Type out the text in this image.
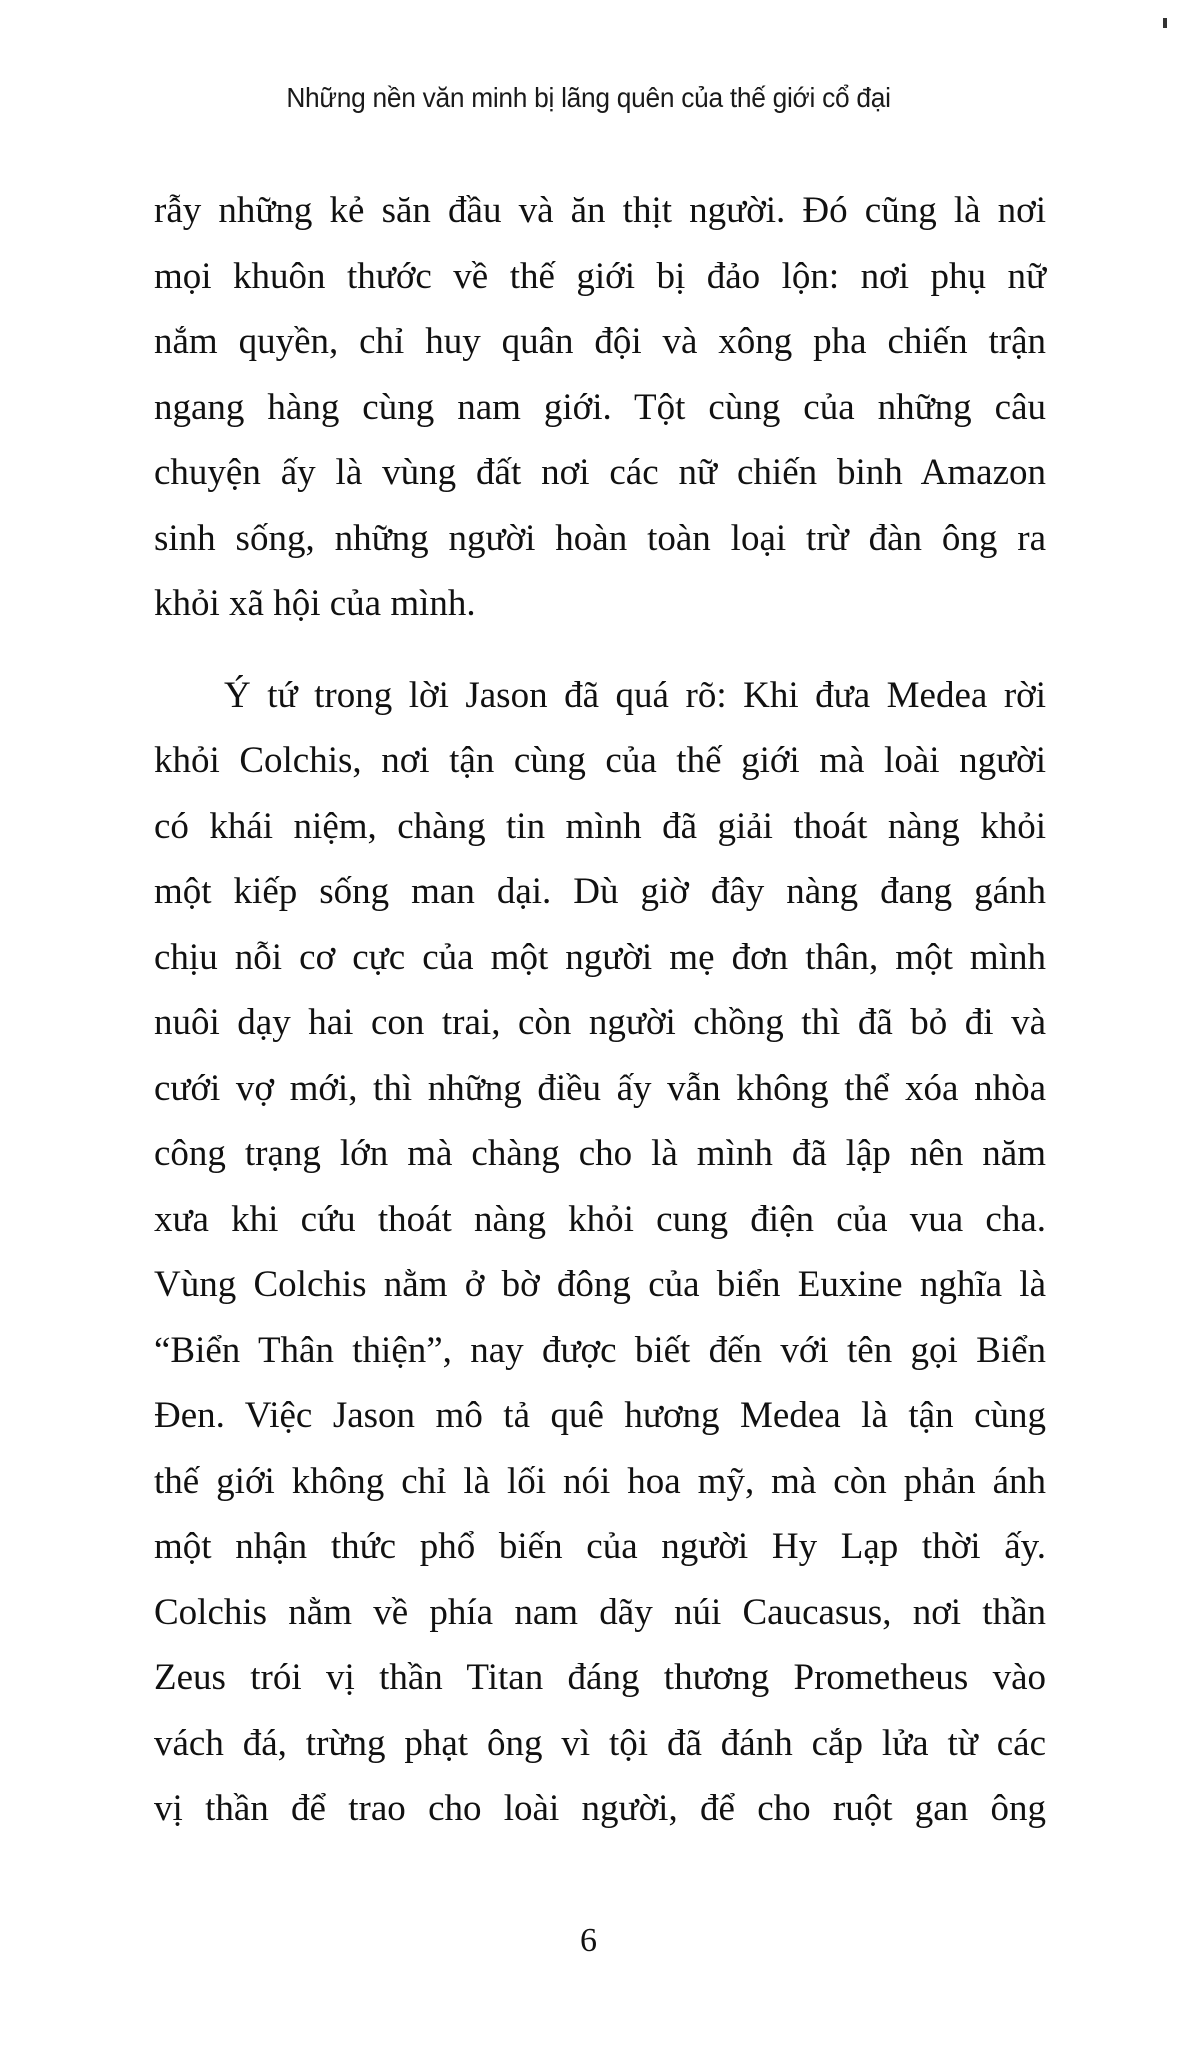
Những nền văn minh bị lãng quên của thế giới cổ đại
rẫy những kẻ săn đầu và ăn thịt người. Đó cũng là nơi
mọi khuôn thước về thế giới bị đảo lộn: nơi phụ nữ
nắm quyền, chỉ huy quân đội và xông pha chiến trận
ngang hàng cùng nam giới. Tột cùng của những câu
chuyện ấy là vùng đất nơi các nữ chiến binh Amazon
sinh sống, những người hoàn toàn loại trừ đàn ông ra
khỏi xã hội của mình.
Ý tứ trong lời Jason đã quá rõ: Khi đưa Medea rời
khỏi Colchis, nơi tận cùng của thế giới mà loài người
có khái niệm, chàng tin mình đã giải thoát nàng khỏi
một kiếp sống man dại. Dù giờ đây nàng đang gánh
chịu nỗi cơ cực của một người mẹ đơn thân, một mình
nuôi dạy hai con trai, còn người chồng thì đã bỏ đi và
cưới vợ mới, thì những điều ấy vẫn không thể xóa nhòa
công trạng lớn mà chàng cho là mình đã lập nên năm
xưa khi cứu thoát nàng khỏi cung điện của vua cha.
Vùng Colchis nằm ở bờ đông của biển Euxine nghĩa là
“Biển Thân thiện”, nay được biết đến với tên gọi Biển
Đen. Việc Jason mô tả quê hương Medea là tận cùng
thế giới không chỉ là lối nói hoa mỹ, mà còn phản ánh
một nhận thức phổ biến của người Hy Lạp thời ấy.
Colchis nằm về phía nam dãy núi Caucasus, nơi thần
Zeus trói vị thần Titan đáng thương Prometheus vào
vách đá, trừng phạt ông vì tội đã đánh cắp lửa từ các
vị thần để trao cho loài người, để cho ruột gan ông
6
